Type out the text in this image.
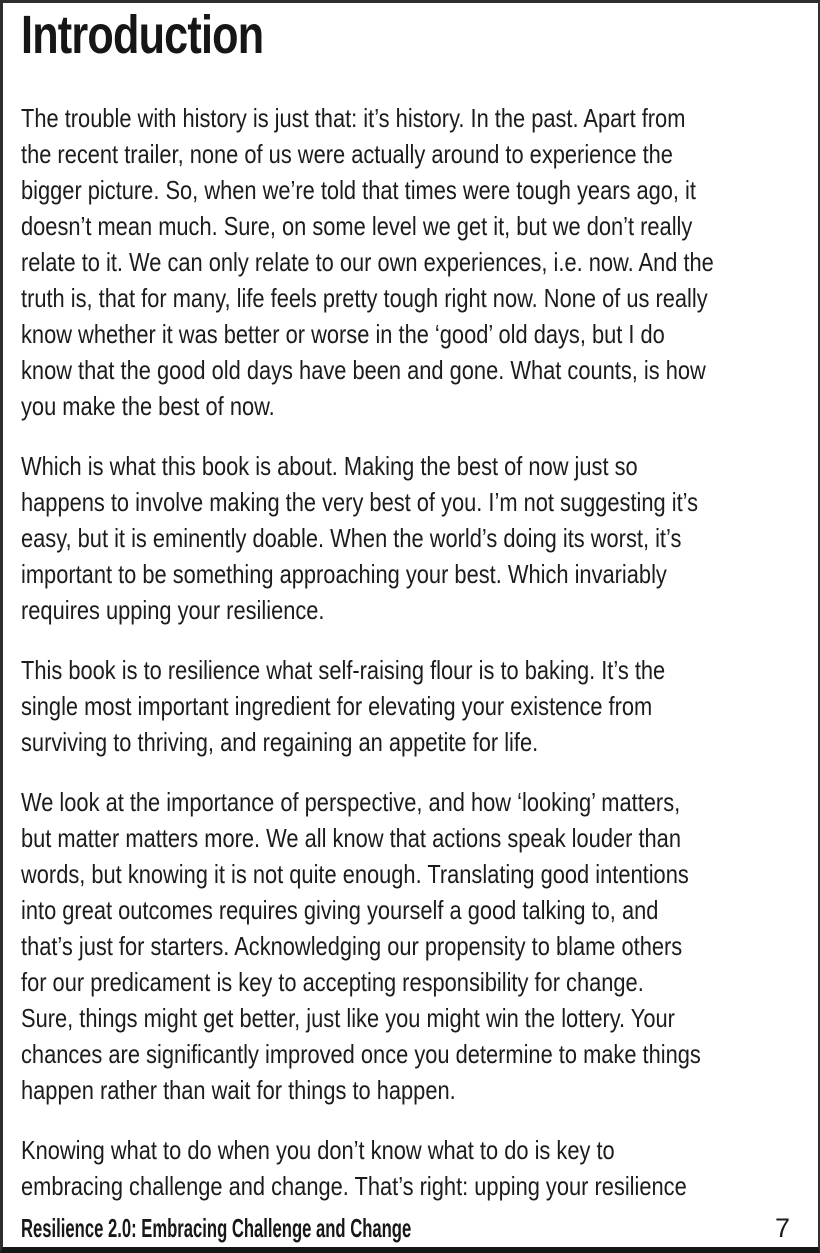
Introduction

The trouble with history is just that: it’s history. In the past. Apart from
the recent trailer, none of us were actually around to experience the
bigger picture. So, when we’re told that times were tough years ago, it
doesn’t mean much. Sure, on some level we get it, but we don’t really
relate to it. We can only relate to our own experiences, i.e. now. And the
truth is, that for many, life feels pretty tough right now. None of us really
know whether it was better or worse in the ‘good’ old days, but I do
know that the good old days have been and gone. What counts, is how
you make the best of now.

Which is what this book is about. Making the best of now just so
happens to involve making the very best of you. I’m not suggesting it’s
easy, but it is eminently doable. When the world’s doing its worst, it’s
important to be something approaching your best. Which invariably
requires upping your resilience.

This book is to resilience what self-raising flour is to baking. It’s the
single most important ingredient for elevating your existence from
surviving to thriving, and regaining an appetite for life.

We look at the importance of perspective, and how ‘looking’ matters,
but matter matters more. We all know that actions speak louder than
words, but knowing it is not quite enough. Translating good intentions
into great outcomes requires giving yourself a good talking to, and
that’s just for starters. Acknowledging our propensity to blame others
for our predicament is key to accepting responsibility for change.
Sure, things might get better, just like you might win the lottery. Your
chances are significantly improved once you determine to make things
happen rather than wait for things to happen.

Knowing what to do when you don’t know what to do is key to
embracing challenge and change. That’s right: upping your resilience

Resilience 2.0: Embracing Challenge and Change	7
